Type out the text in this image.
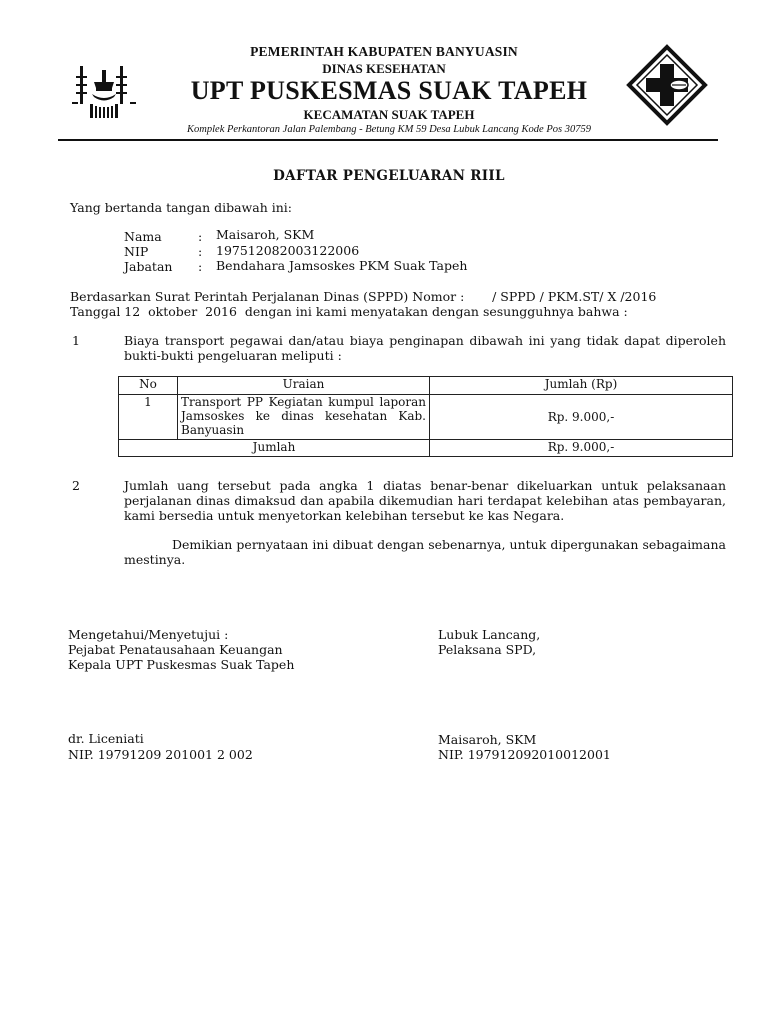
PEMERINTAH KABUPATEN BANYUASIN
DINAS KESEHATAN
UPT PUSKESMAS SUAK TAPEH
KECAMATAN SUAK TAPEH
Komplek Perkantoran Jalan Palembang - Betung KM 59 Desa Lubuk Lancang Kode Pos 30759
DAFTAR PENGELUARAN RIIL
Yang bertanda tangan dibawah ini:
Nama	: Maisaroh, SKM
NIP	: 197512082003122006
Jabatan : Bendahara Jamsoskes PKM Suak Tapeh
Berdasarkan Surat Perintah Perjalanan Dinas (SPPD) Nomor :       / SPPD / PKM.ST/ X /2016
Tanggal 12  oktober  2016  dengan ini kami menyatakan dengan sesungguhnya bahwa :
1	Biaya transport pegawai dan/atau biaya penginapan dibawah ini yang tidak dapat diperoleh bukti-bukti pengeluaran meliputi :
No	Uraian	Jumlah (Rp)
1	Transport PP Kegiatan kumpul laporan Jamsoskes ke dinas kesehatan Kab. Banyuasin	Rp. 9.000,-
Jumlah		Rp. 9.000,-
2	Jumlah uang tersebut pada angka 1 diatas benar-benar dikeluarkan untuk pelaksanaan perjalanan dinas dimaksud dan apabila dikemudian hari terdapat kelebihan atas pembayaran, kami bersedia untuk menyetorkan kelebihan tersebut ke kas Negara.
Demikian pernyataan ini dibuat dengan sebenarnya, untuk dipergunakan sebagaimana mestinya.
Mengetahui/Menyetujui :
Pejabat Penatausahaan Keuangan
Kepala UPT Puskesmas Suak Tapeh
dr. Liceniati
NIP. 19791209 201001 2 002
Lubuk Lancang,
Pelaksana SPD,
Maisaroh, SKM
NIP. 197912092010012001
